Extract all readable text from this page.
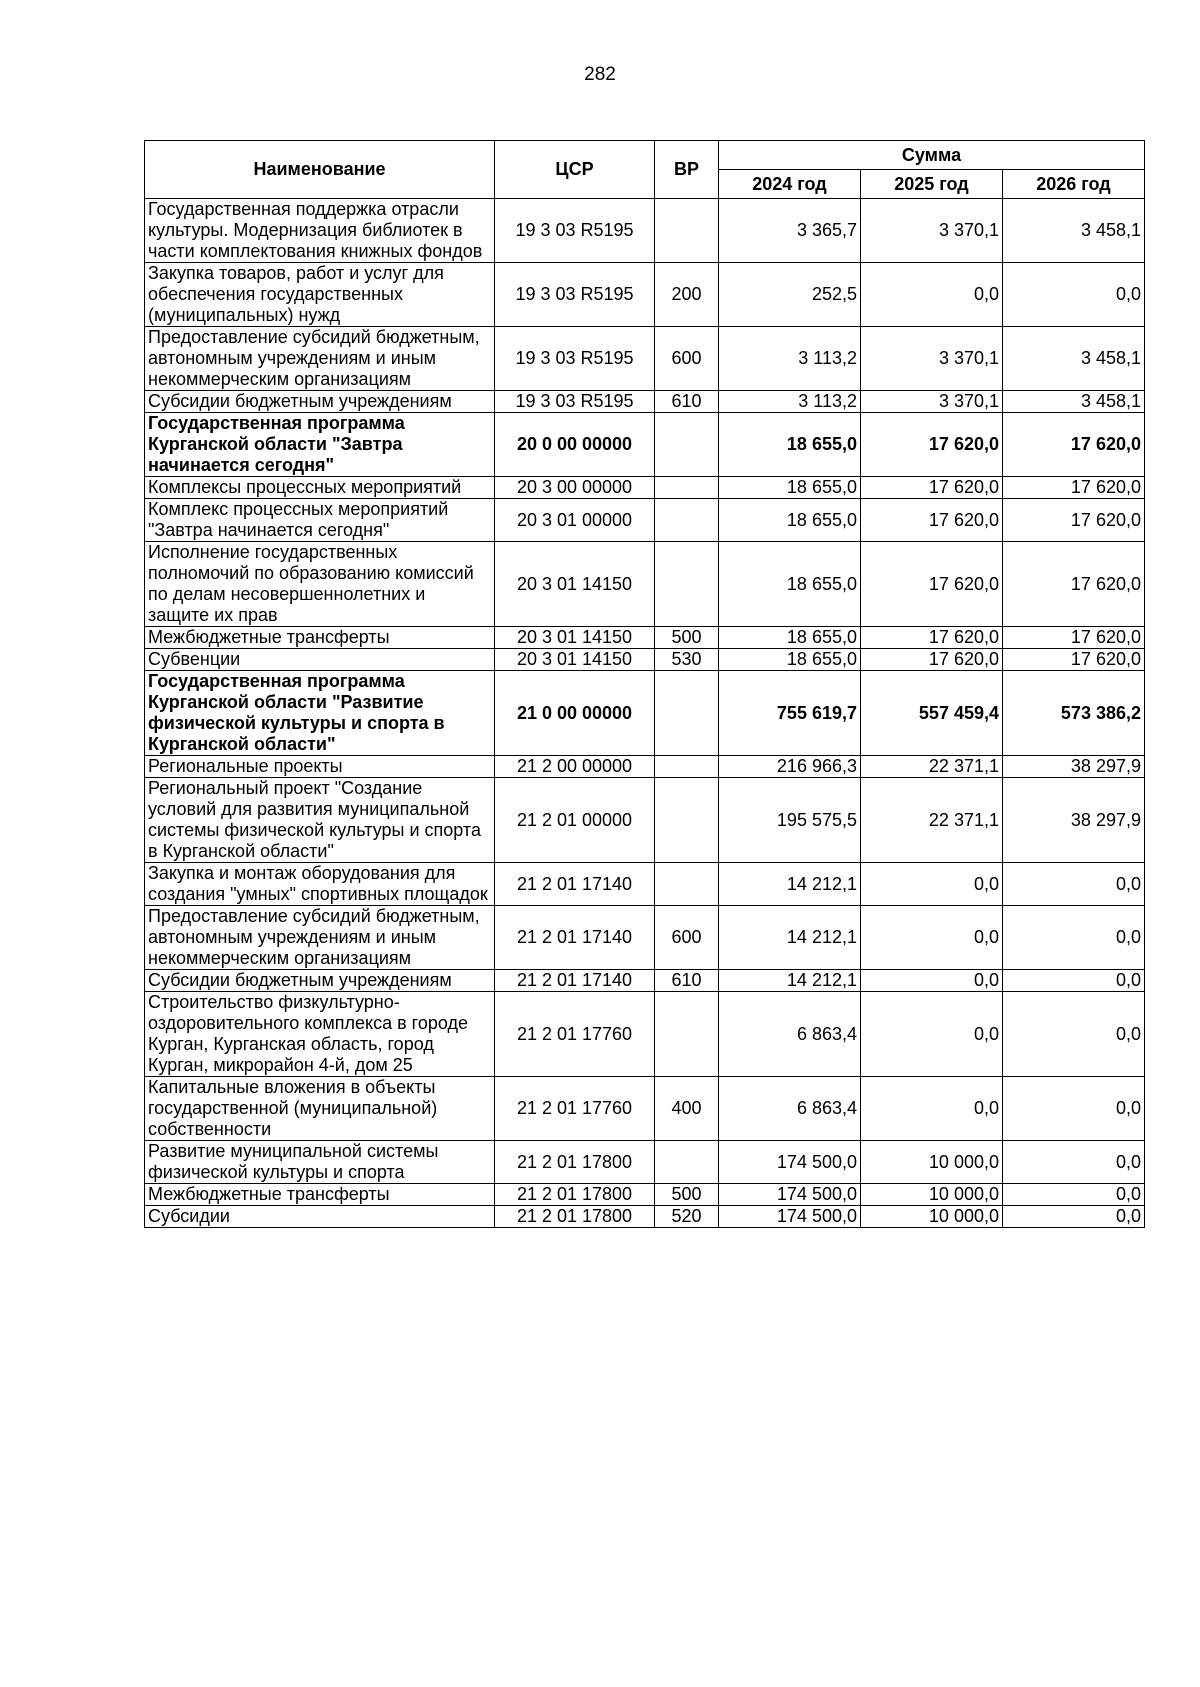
282
Наименование	ЦСР	ВР	Сумма		
			2024 год	2025 год	2026 год
Государственная поддержка отрасли культуры. Модернизация библиотек в части комплектования книжных фондов	19 3 03 R5195		3 365,7	3 370,1	3 458,1
Закупка товаров, работ и услуг для обеспечения государственных (муниципальных) нужд	19 3 03 R5195	200	252,5	0,0	0,0
Предоставление субсидий бюджетным, автономным учреждениям и иным некоммерческим организациям	19 3 03 R5195	600	3 113,2	3 370,1	3 458,1
Субсидии бюджетным учреждениям	19 3 03 R5195	610	3 113,2	3 370,1	3 458,1
Государственная программа Курганской области "Завтра начинается сегодня"	20 0 00 00000		18 655,0	17 620,0	17 620,0
Комплексы процессных мероприятий	20 3 00 00000		18 655,0	17 620,0	17 620,0
Комплекс процессных мероприятий "Завтра начинается сегодня"	20 3 01 00000		18 655,0	17 620,0	17 620,0
Исполнение государственных полномочий по образованию комиссий по делам несовершеннолетних и защите их прав	20 3 01 14150		18 655,0	17 620,0	17 620,0
Межбюджетные трансферты	20 3 01 14150	500	18 655,0	17 620,0	17 620,0
Субвенции	20 3 01 14150	530	18 655,0	17 620,0	17 620,0
Государственная программа Курганской области "Развитие физической культуры и спорта в Курганской области"	21 0 00 00000		755 619,7	557 459,4	573 386,2
Региональные проекты	21 2 00 00000		216 966,3	22 371,1	38 297,9
Региональный проект "Создание условий для развития муниципальной системы физической культуры и спорта в Курганской области"	21 2 01 00000		195 575,5	22 371,1	38 297,9
Закупка и монтаж оборудования для создания "умных" спортивных площадок	21 2 01 17140		14 212,1	0,0	0,0
Предоставление субсидий бюджетным, автономным учреждениям и иным некоммерческим организациям	21 2 01 17140	600	14 212,1	0,0	0,0
Субсидии бюджетным учреждениям	21 2 01 17140	610	14 212,1	0,0	0,0
Строительство физкультурно-оздоровительного комплекса в городе Курган, Курганская область, город Курган, микрорайон 4-й, дом 25	21 2 01 17760		6 863,4	0,0	0,0
Капитальные вложения в объекты государственной (муниципальной) собственности	21 2 01 17760	400	6 863,4	0,0	0,0
Развитие муниципальной системы физической культуры и спорта	21 2 01 17800		174 500,0	10 000,0	0,0
Межбюджетные трансферты	21 2 01 17800	500	174 500,0	10 000,0	0,0
Субсидии	21 2 01 17800	520	174 500,0	10 000,0	0,0
